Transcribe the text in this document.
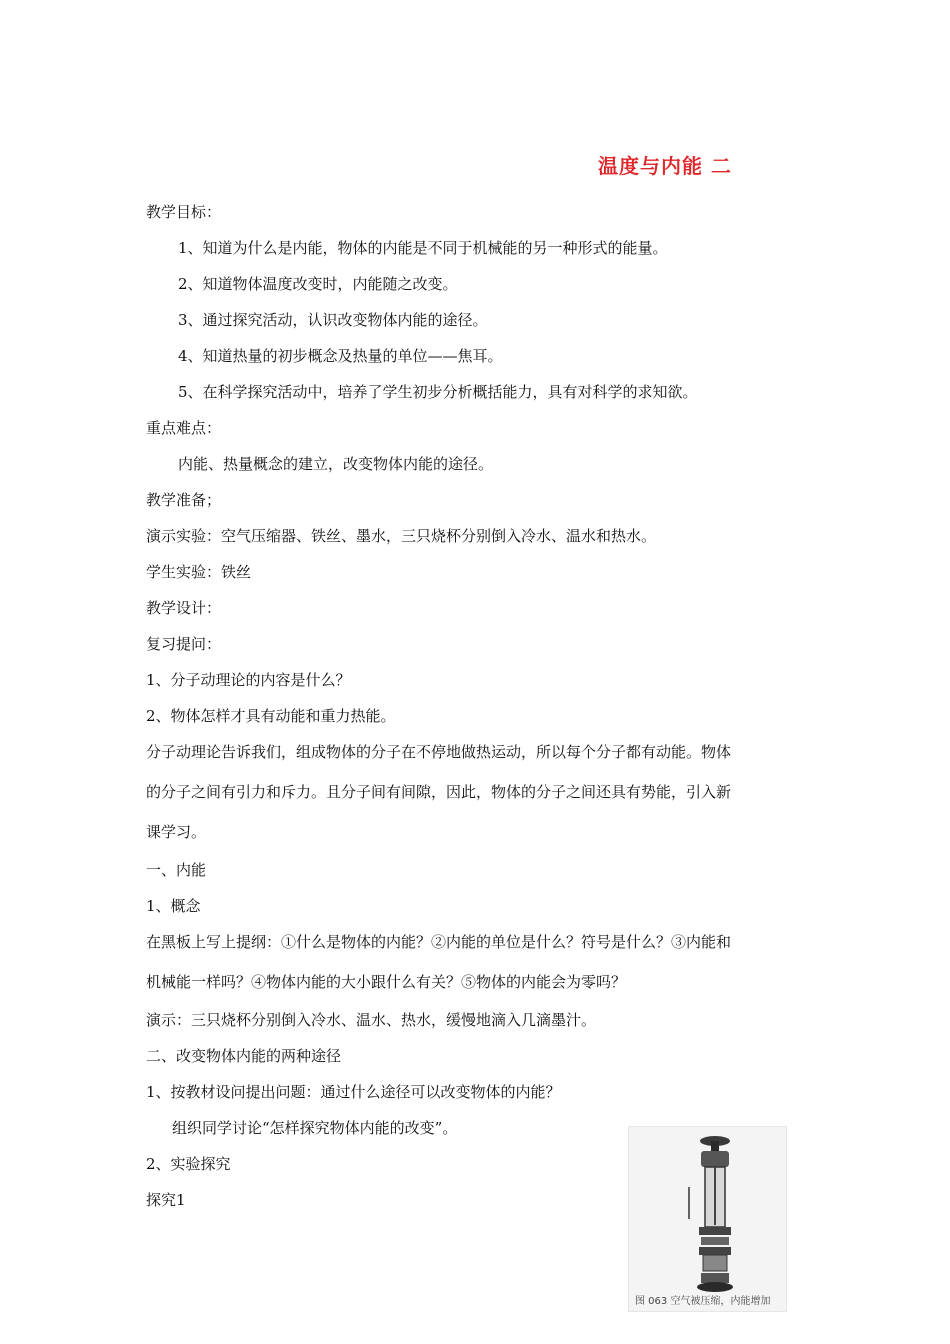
温度与内能 二
教学目标：
1、知道为什么是内能，物体的内能是不同于机械能的另一种形式的能量。
2、知道物体温度改变时，内能随之改变。
3、通过探究活动，认识改变物体内能的途径。
4、知道热量的初步概念及热量的单位——焦耳。
5、在科学探究活动中，培养了学生初步分析概括能力，具有对科学的求知欲。
重点难点：
内能、热量概念的建立，改变物体内能的途径。
教学准备；
演示实验：空气压缩器、铁丝、墨水，三只烧杯分别倒入冷水、温水和热水。
学生实验：铁丝
教学设计：
复习提问：
1、分子动理论的内容是什么？
2、物体怎样才具有动能和重力热能。
分子动理论告诉我们，组成物体的分子在不停地做热运动，所以每个分子都有动能。物体
的分子之间有引力和斥力。且分子间有间隙，因此，物体的分子之间还具有势能，引入新
课学习。
一、内能
1、概念
在黑板上写上提纲：①什么是物体的内能？②内能的单位是什么？符号是什么？③内能和
机械能一样吗？④物体内能的大小跟什么有关？⑤物体的内能会为零吗？
演示：三只烧杯分别倒入冷水、温水、热水，缓慢地滴入几滴墨汁。
二、改变物体内能的两种途径
1、按教材设问提出问题：通过什么途径可以改变物体的内能？
组织同学讨论“怎样探究物体内能的改变”。
2、实验探究
探究1
图 063 空气被压缩，内能增加
